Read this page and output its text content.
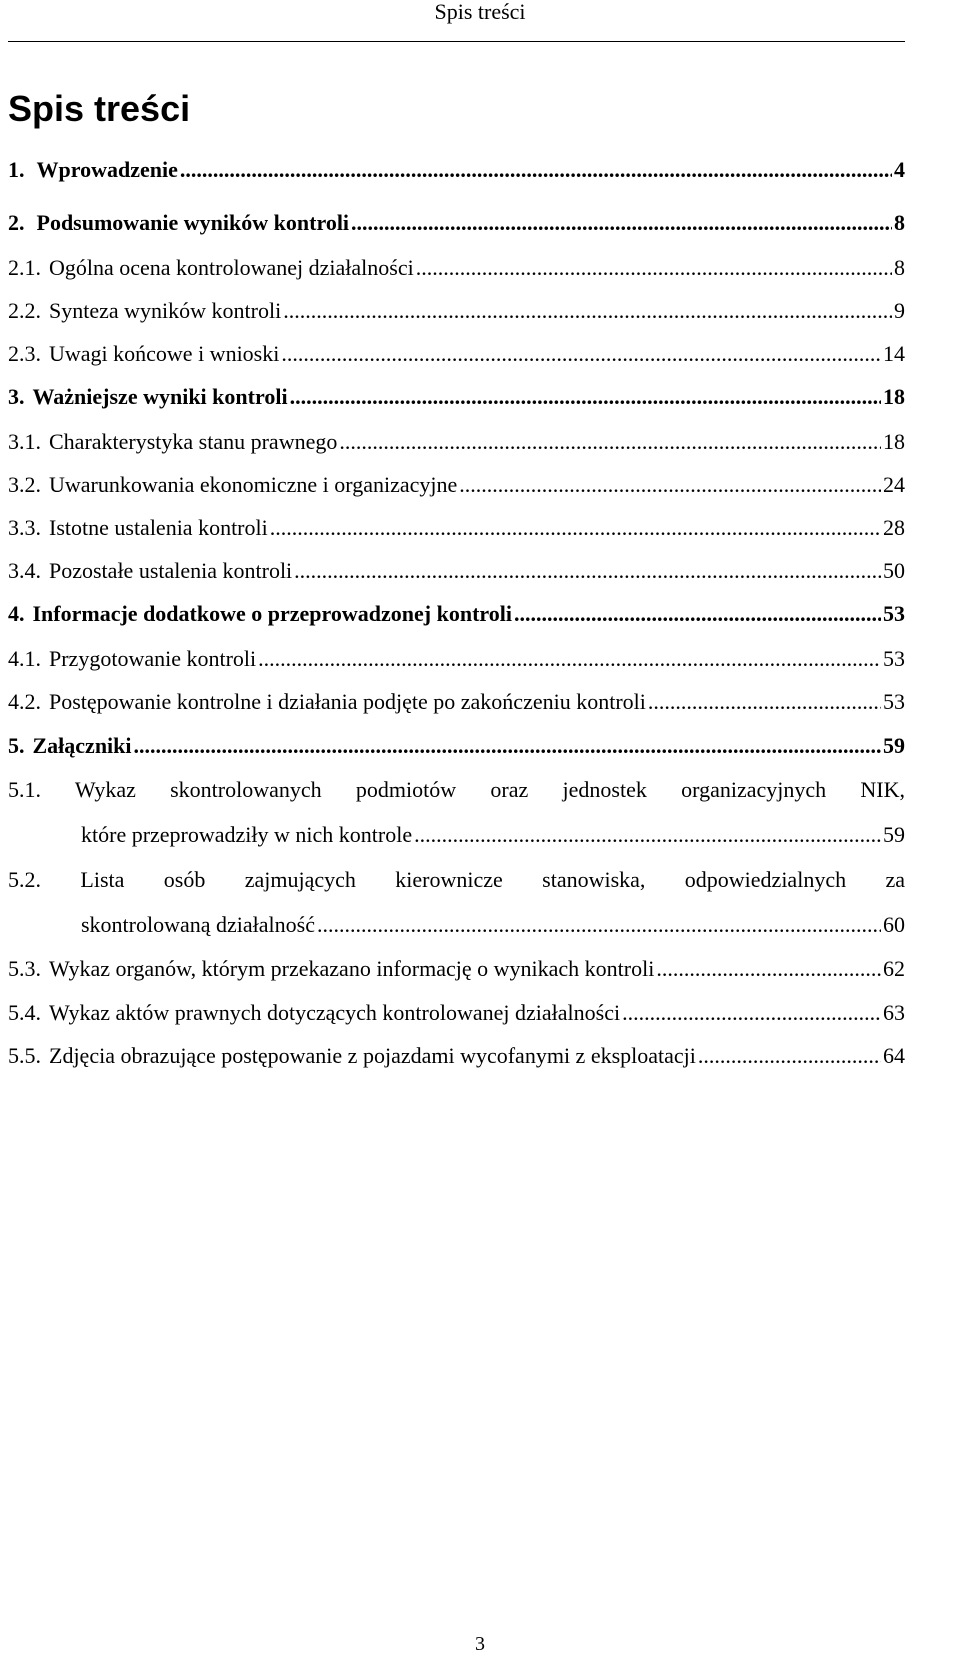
Spis treści
Spis treści
1. Wprowadzenie .....	4
2. Podsumowanie wyników kontroli .....	8
2.1. Ogólna ocena kontrolowanej działalności .....	8
2.2. Synteza wyników kontroli .....	9
2.3. Uwagi końcowe i wnioski .....	14
3. Ważniejsze wyniki kontroli .....	18
3.1. Charakterystyka stanu prawnego .....	18
3.2. Uwarunkowania ekonomiczne i organizacyjne .....	24
3.3. Istotne ustalenia kontroli .....	28
3.4. Pozostałe ustalenia kontroli .....	50
4. Informacje dodatkowe o przeprowadzonej kontroli .....	53
4.1. Przygotowanie kontroli .....	53
4.2. Postępowanie kontrolne i działania podjęte po zakończeniu kontroli .....	53
5. Załączniki .....	59
5.1. Wykaz skontrolowanych podmiotów oraz jednostek organizacyjnych NIK,
które przeprowadziły w nich kontrole .....	59
5.2. Lista osób zajmujących kierownicze stanowiska, odpowiedzialnych za
skontrolowaną działalność .....	60
5.3. Wykaz organów, którym przekazano informację o wynikach kontroli .....	62
5.4. Wykaz aktów prawnych dotyczących kontrolowanej działalności .....	63
5.5. Zdjęcia obrazujące postępowanie z pojazdami wycofanymi z eksploatacji .....	64
3
